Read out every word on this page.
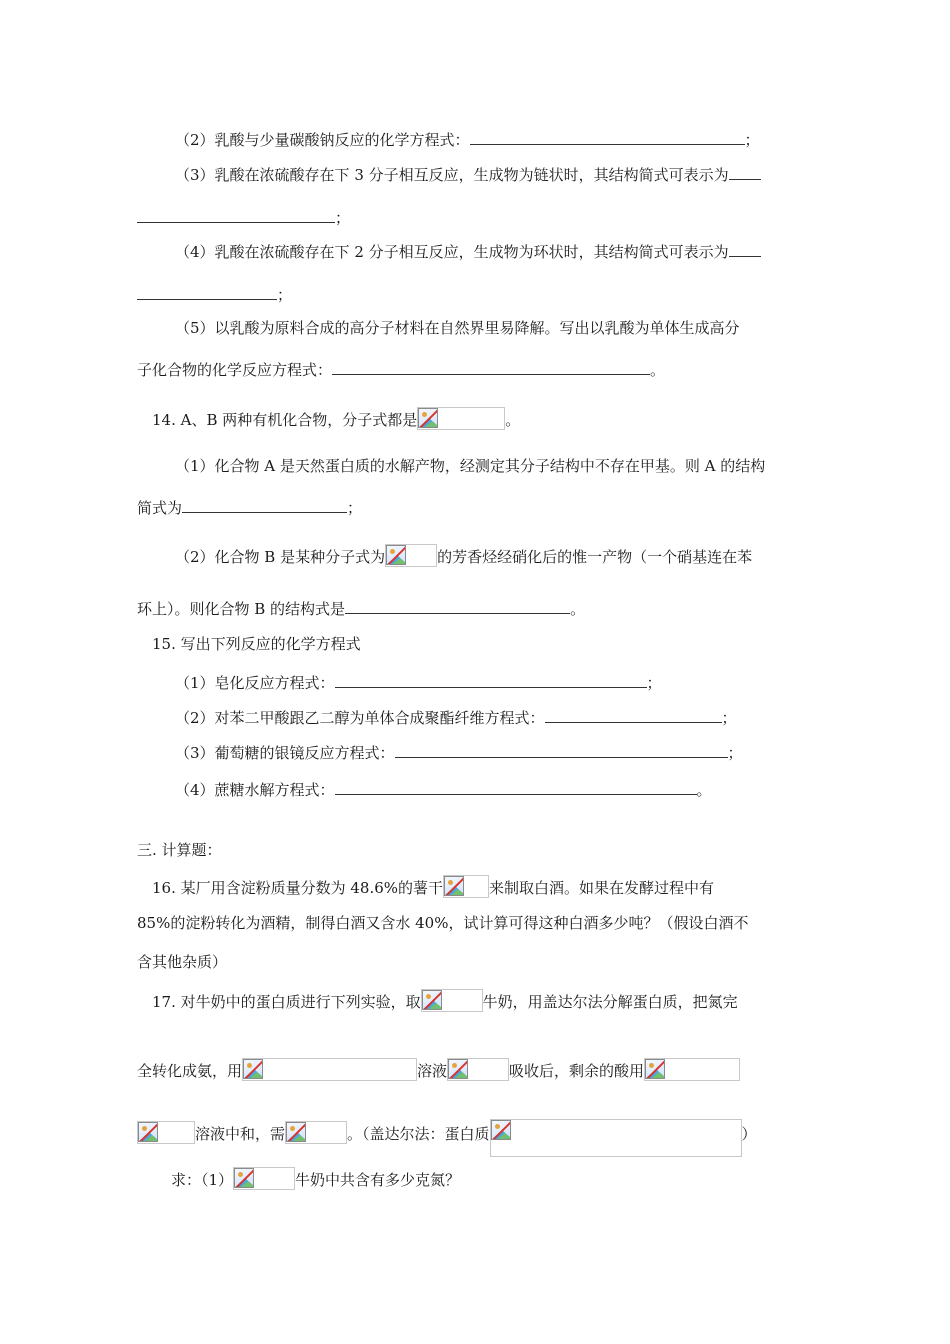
（2）乳酸与少量碳酸钠反应的化学方程式：	；
（3）乳酸在浓硫酸存在下 3 分子相互反应，生成物为链状时，其结构简式可表示为
；
（4）乳酸在浓硫酸存在下 2 分子相互反应，生成物为环状时，其结构简式可表示为
；
（5）以乳酸为原料合成的高分子材料在自然界里易降解。写出以乳酸为单体生成高分
子化合物的化学反应方程式：	。
14. A、B 两种有机化合物，分子式都是	。
（1）化合物 A 是天然蛋白质的水解产物，经测定其分子结构中不存在甲基。则 A 的结构
简式为	；
（2）化合物 B 是某种分子式为	的芳香烃经硝化后的惟一产物（一个硝基连在苯
环上）。则化合物 B 的结构式是	。
15. 写出下列反应的化学方程式
（1）皂化反应方程式：	；
（2）对苯二甲酸跟乙二醇为单体合成聚酯纤维方程式：	；
（3）葡萄糖的银镜反应方程式：	；
（4）蔗糖水解方程式：	。
三. 计算题：
16. 某厂用含淀粉质量分数为 48.6%的薯干	来制取白酒。如果在发酵过程中有
85%的淀粉转化为酒精，制得白酒又含水 40%，试计算可得这种白酒多少吨？（假设白酒不
含其他杂质）
17. 对牛奶中的蛋白质进行下列实验，取	牛奶，用盖达尔法分解蛋白质，把氮完
全转化成氨，用	溶液	吸收后，剩余的酸用
溶液中和，需	。（盖达尔法：蛋白质	）
求：（1）	牛奶中共含有多少克氮？
